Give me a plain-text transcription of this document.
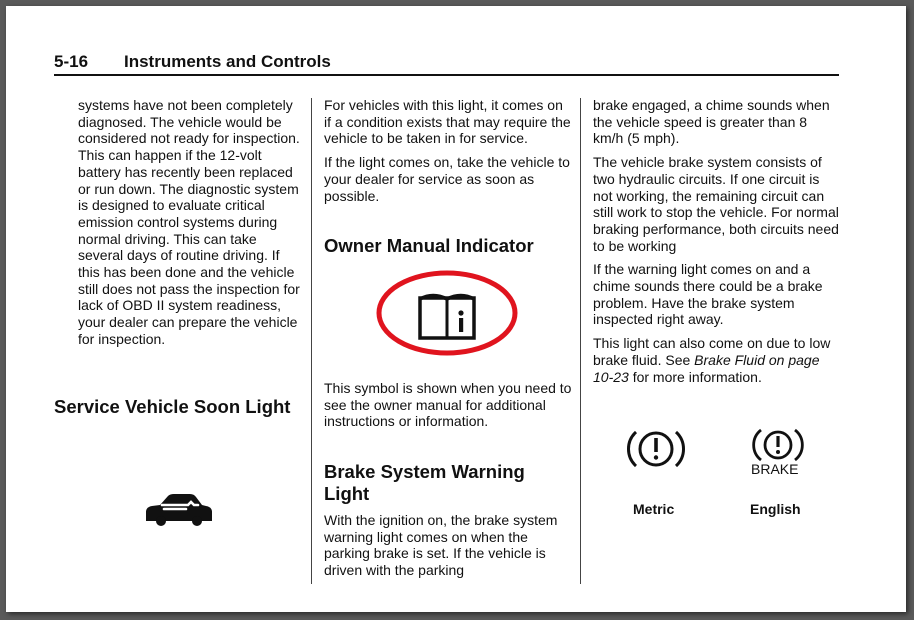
5-16 Instruments and Controls

systems have not been completely diagnosed. The vehicle would be considered not ready for inspection. This can happen if the 12-volt battery has recently been replaced or run down. The diagnostic system is designed to evaluate critical emission control systems during normal driving. This can take several days of routine driving. If this has been done and the vehicle still does not pass the inspection for lack of OBD II system readiness, your dealer can prepare the vehicle for inspection.

Service Vehicle Soon Light

For vehicles with this light, it comes on if a condition exists that may require the vehicle to be taken in for service.

If the light comes on, take the vehicle to your dealer for service as soon as possible.

Owner Manual Indicator

This symbol is shown when you need to see the owner manual for additional instructions or information.

Brake System Warning Light

With the ignition on, the brake system warning light comes on when the parking brake is set. If the vehicle is driven with the parking

brake engaged, a chime sounds when the vehicle speed is greater than 8 km/h (5 mph).

The vehicle brake system consists of two hydraulic circuits. If one circuit is not working, the remaining circuit can still work to stop the vehicle. For normal braking performance, both circuits need to be working

If the warning light comes on and a chime sounds there could be a brake problem. Have the brake system inspected right away.

This light can also come on due to low brake fluid. See Brake Fluid on page 10-23 for more information.

BRAKE
Metric	English
